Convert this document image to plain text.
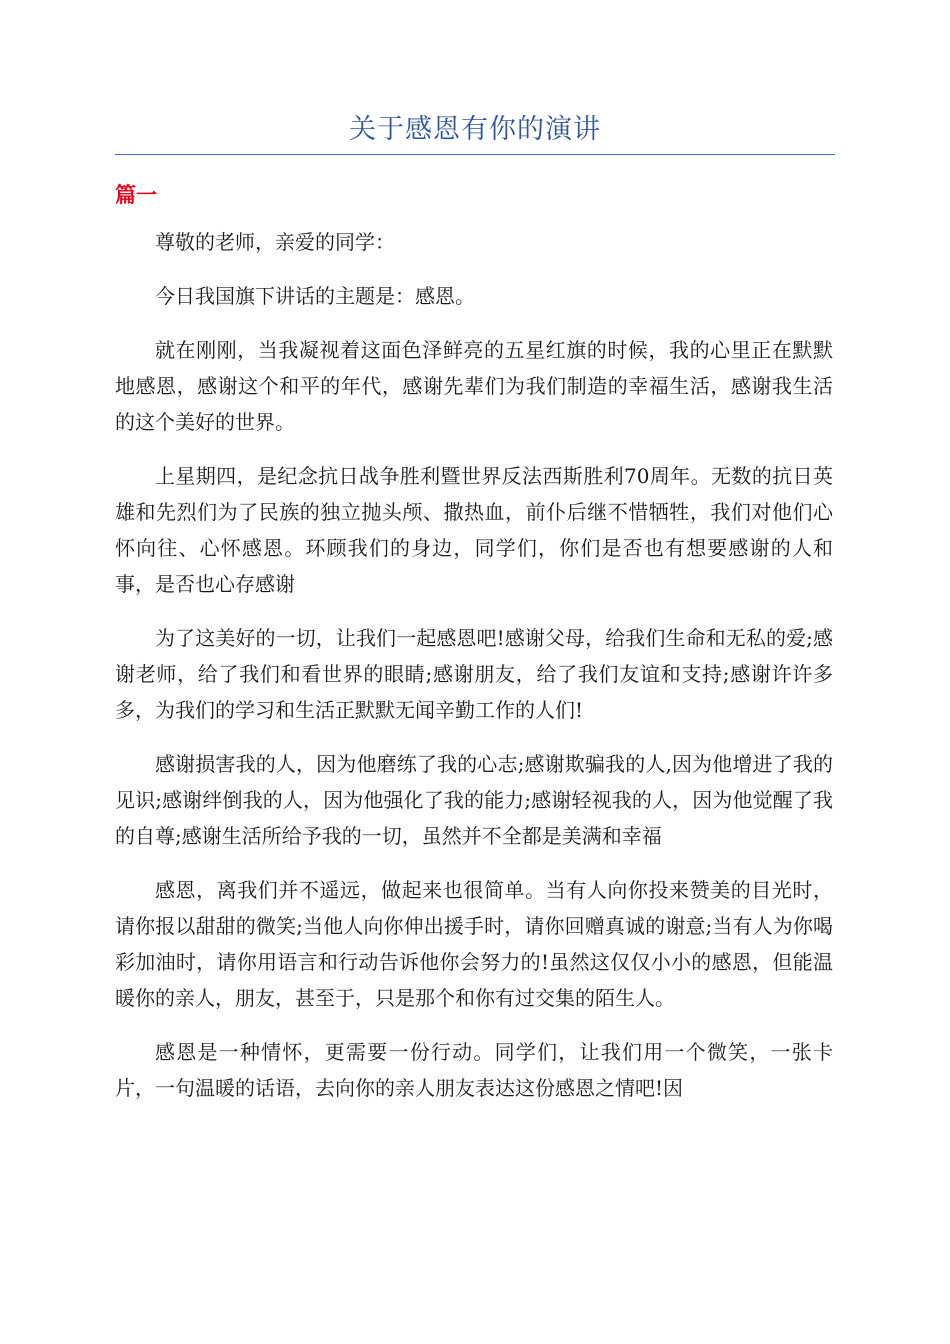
关于感恩有你的演讲
篇一

尊敬的老师，亲爱的同学：

今日我国旗下讲话的主题是：感恩。

就在刚刚，当我凝视着这面色泽鲜亮的五星红旗的时候，我的心里正在默默地感恩，感谢这个和平的年代，感谢先辈们为我们制造的幸福生活，感谢我生活的这个美好的世界。

上星期四，是纪念抗日战争胜利暨世界反法西斯胜利70周年。无数的抗日英雄和先烈们为了民族的独立抛头颅、撒热血，前仆后继不惜牺牲，我们对他们心怀向往、心怀感恩。环顾我们的身边，同学们，你们是否也有想要感谢的人和事，是否也心存感谢

为了这美好的一切，让我们一起感恩吧!感谢父母，给我们生命和无私的爱;感谢老师，给了我们和看世界的眼睛;感谢朋友，给了我们友谊和支持;感谢许许多多，为我们的学习和生活正默默无闻辛勤工作的人们!

感谢损害我的人，因为他磨练了我的心志;感谢欺骗我的人,因为他增进了我的见识;感谢绊倒我的人，因为他强化了我的能力;感谢轻视我的人，因为他觉醒了我的自尊;感谢生活所给予我的一切，虽然并不全都是美满和幸福

感恩，离我们并不遥远，做起来也很简单。当有人向你投来赞美的目光时，请你报以甜甜的微笑;当他人向你伸出援手时，请你回赠真诚的谢意;当有人为你喝彩加油时，请你用语言和行动告诉他你会努力的!虽然这仅仅小小的感恩，但能温暖你的亲人，朋友，甚至于，只是那个和你有过交集的陌生人。

感恩是一种情怀，更需要一份行动。同学们，让我们用一个微笑，一张卡片，一句温暖的话语，去向你的亲人朋友表达这份感恩之情吧!因
